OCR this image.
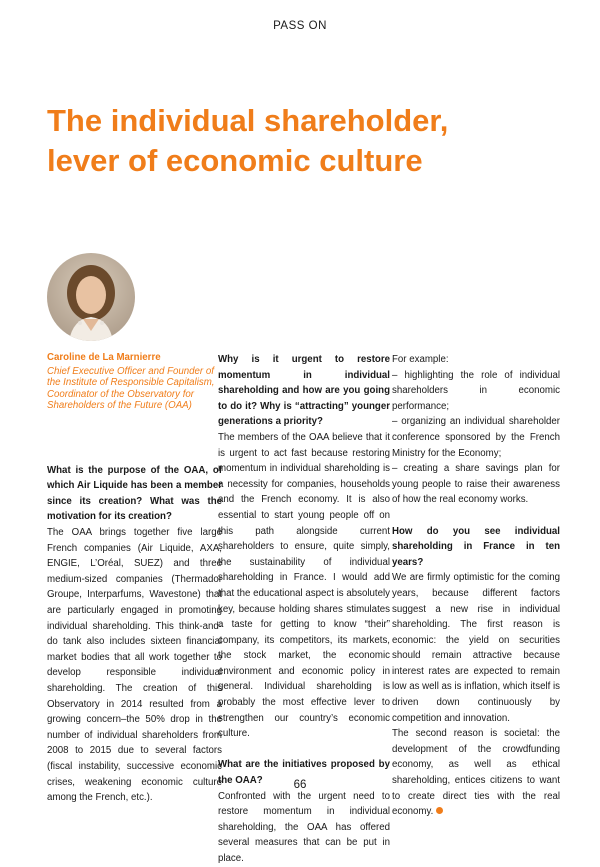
PASS ON
The individual shareholder,
lever of economic culture
Caroline de La Marnierre
Chief Executive Officer and Founder of the Institute of Responsible Capitalism, Coordinator of the Observatory for Shareholders of the Future (OAA)
What is the purpose of the OAA, of which Air Liquide has been a member since its creation? What was the motivation for its creation?

The OAA brings together five large French companies (Air Liquide, AXA, ENGIE, L’Oréal, SUEZ) and three medium-sized companies (Thermador Groupe, Interparfums, Wavestone) that are particularly engaged in promoting individual shareholding. This think-and-do tank also includes sixteen financial market bodies that all work together to develop responsible individual shareholding. The creation of this Observatory in 2014 resulted from a growing concern–the 50% drop in the number of individual shareholders from 2008 to 2015 due to several factors (fiscal instability, successive economic crises, weakening economic culture among the French, etc.).

Why is it urgent to restore momentum in individual shareholding and how are you going to do it? Why is “attracting” younger generations a priority?

The members of the OAA believe that it is urgent to act fast because restoring momentum in individual shareholding is a necessity for companies, households and the French economy. It is also essential to start young people off on this path alongside current shareholders to ensure, quite simply, the sustainability of individual shareholding in France. I would add that the educational aspect is absolutely key, because holding shares stimulates a taste for getting to know “their” company, its competitors, its markets, the stock market, the economic environment and economic policy in general. Individual shareholding is probably the most effective lever to strengthen our country’s economic culture.

What are the initiatives proposed by the OAA?

Confronted with the urgent need to restore momentum in individual shareholding, the OAA has offered several measures that can be put in place.

For example:

– highlighting the role of individual shareholders in economic performance;

– organizing an individual shareholder conference sponsored by the French Ministry for the Economy;

– creating a share savings plan for young people to raise their awareness of how the real economy works.

How do you see individual shareholding in France in ten years?

We are firmly optimistic for the coming years, because different factors suggest a new rise in individual shareholding. The first reason is economic: the yield on securities should remain attractive because interest rates are expected to remain low as well as is inflation, which itself is driven down continuously by competition and innovation.

The second reason is societal: the development of the crowdfunding economy, as well as ethical shareholding, entices citizens to want to create direct ties with the real economy.

66
